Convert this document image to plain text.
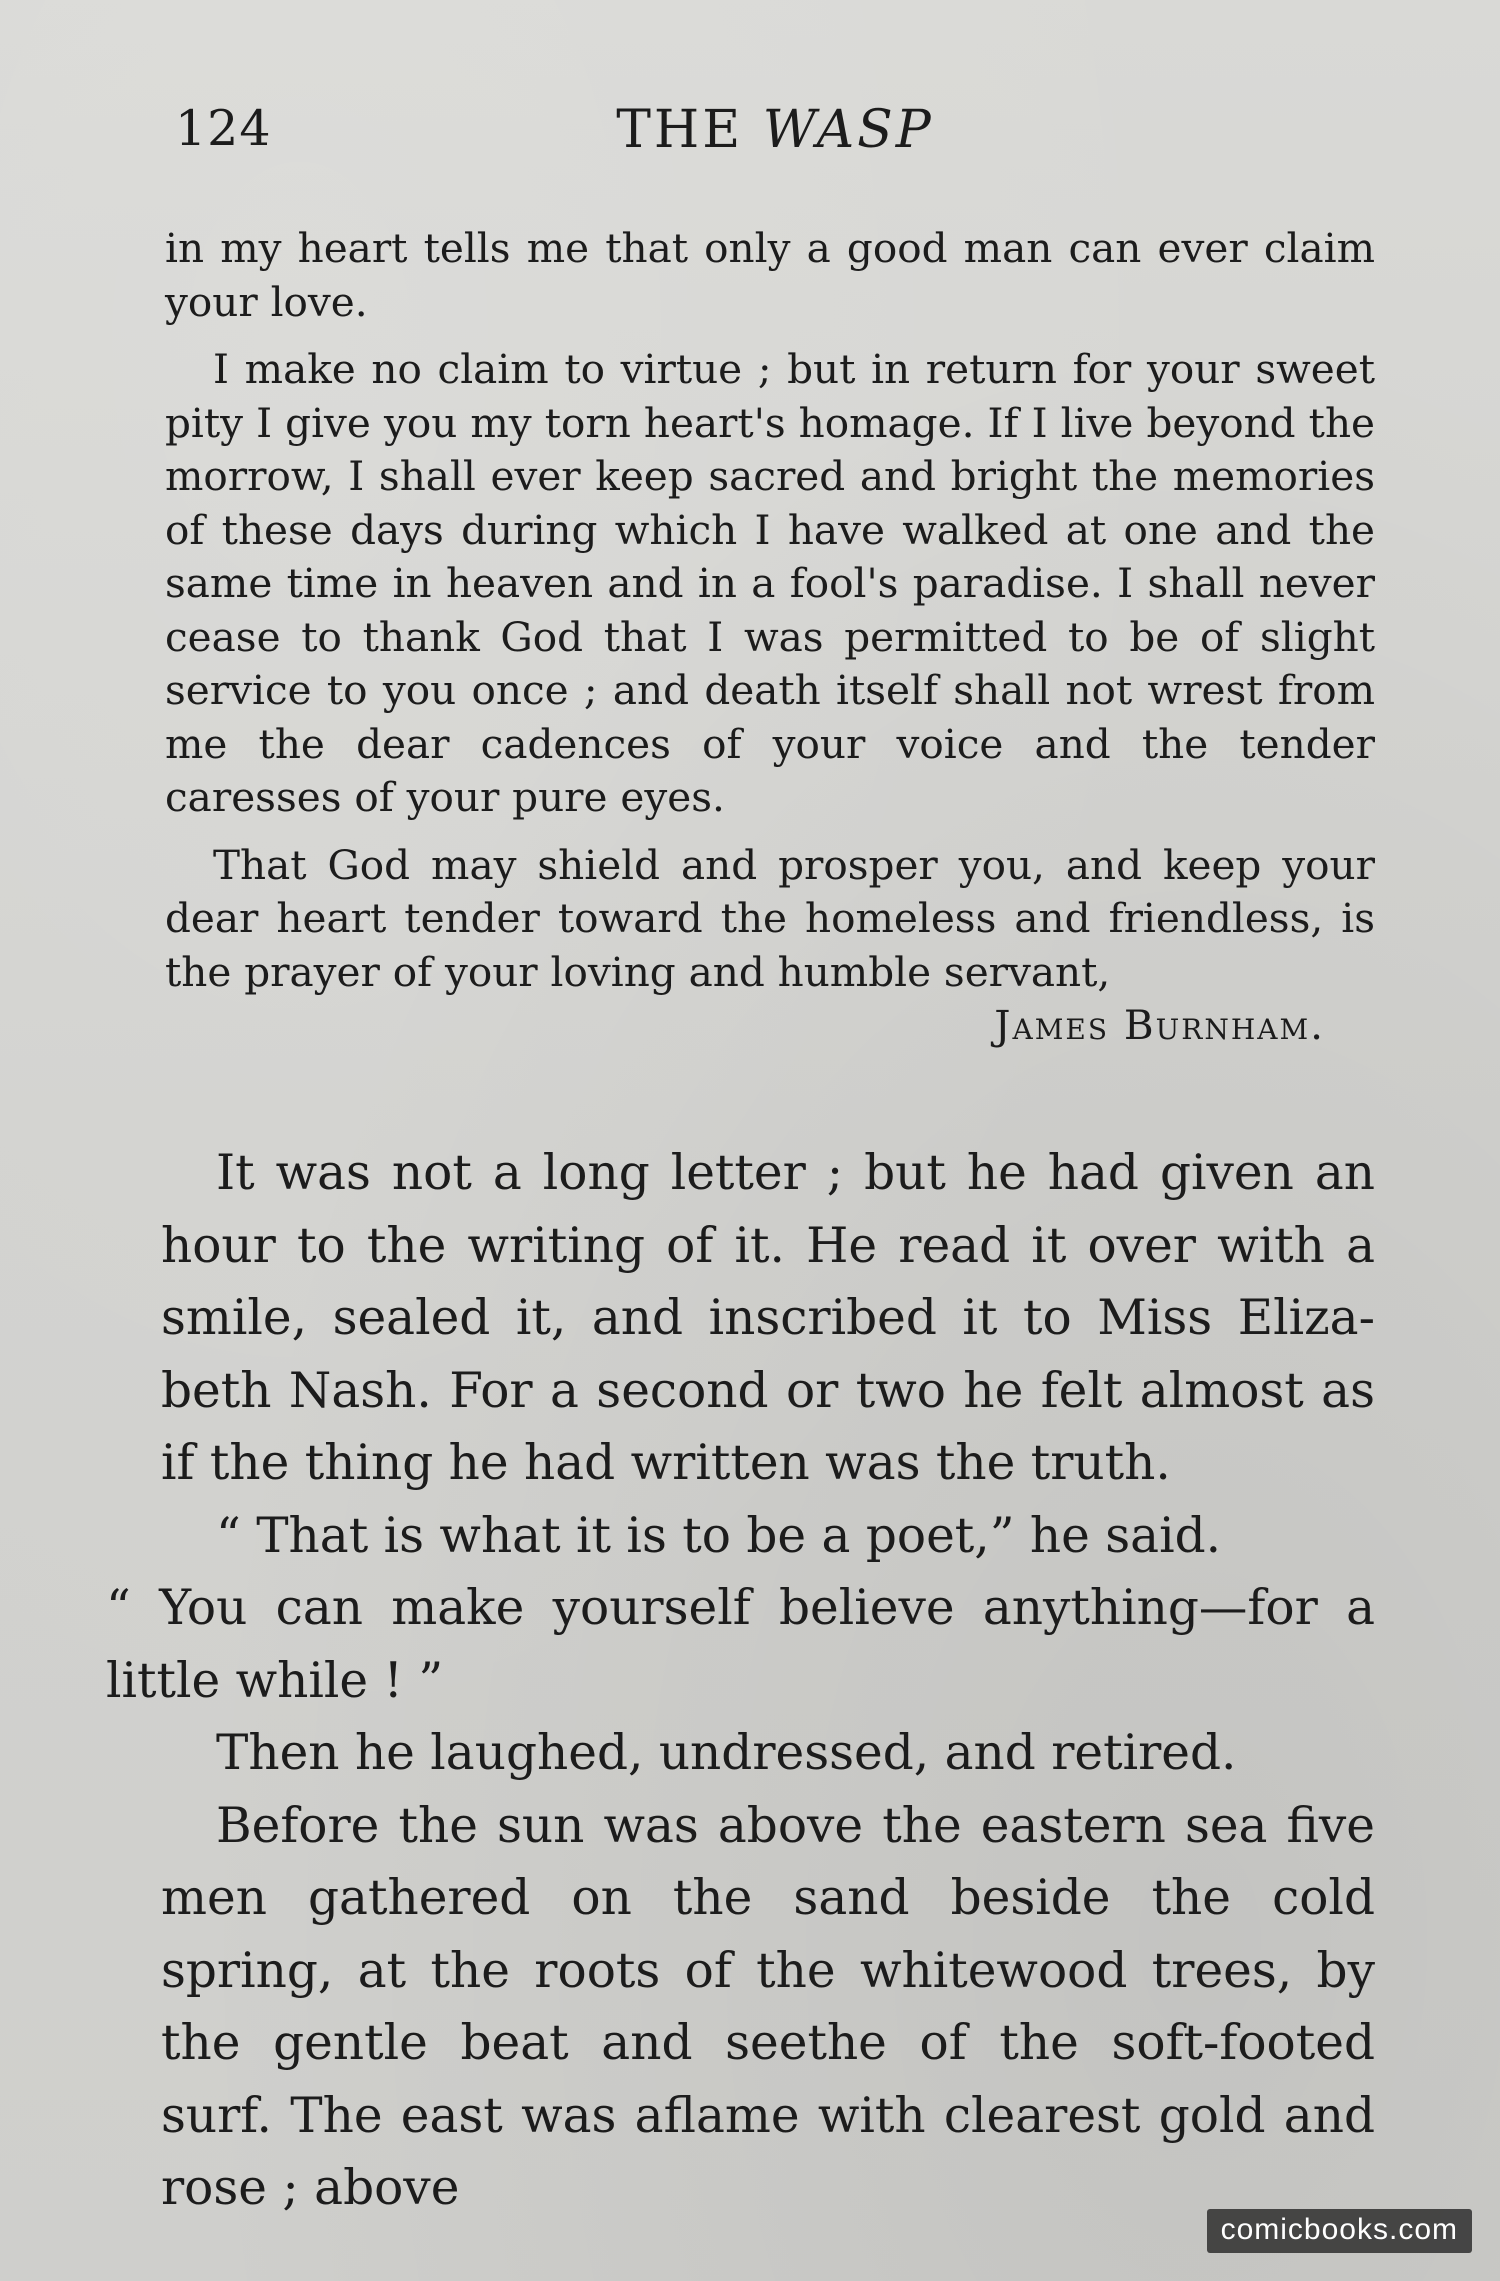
124	THE WASP

in my heart tells me that only a good man can ever claim your love.

I make no claim to virtue ; but in return for your sweet pity I give you my torn heart's homage. If I live beyond the morrow, I shall ever keep sacred and bright the memories of these days during which I have walked at one and the same time in heaven and in a fool's paradise. I shall never cease to thank God that I was permitted to be of slight service to you once ; and death itself shall not wrest from me the dear cadences of your voice and the tender caresses of your pure eyes.

That God may shield and prosper you, and keep your dear heart tender toward the homeless and friendless, is the prayer of your loving and humble servant,

James Burnham.

It was not a long letter ; but he had given an hour to the writing of it. He read it over with a smile, sealed it, and inscribed it to Miss Elizabeth Nash. For a second or two he felt almost as if the thing he had written was the truth.

“ That is what it is to be a poet,” he said.
“ You can make yourself believe anything—for a little while ! ”

Then he laughed, undressed, and retired.

Before the sun was above the eastern sea five men gathered on the sand beside the cold spring, at the roots of the whitewood trees, by the gentle beat and seethe of the soft-footed surf. The east was aflame with clearest gold and rose ; above

comicbooks.com
